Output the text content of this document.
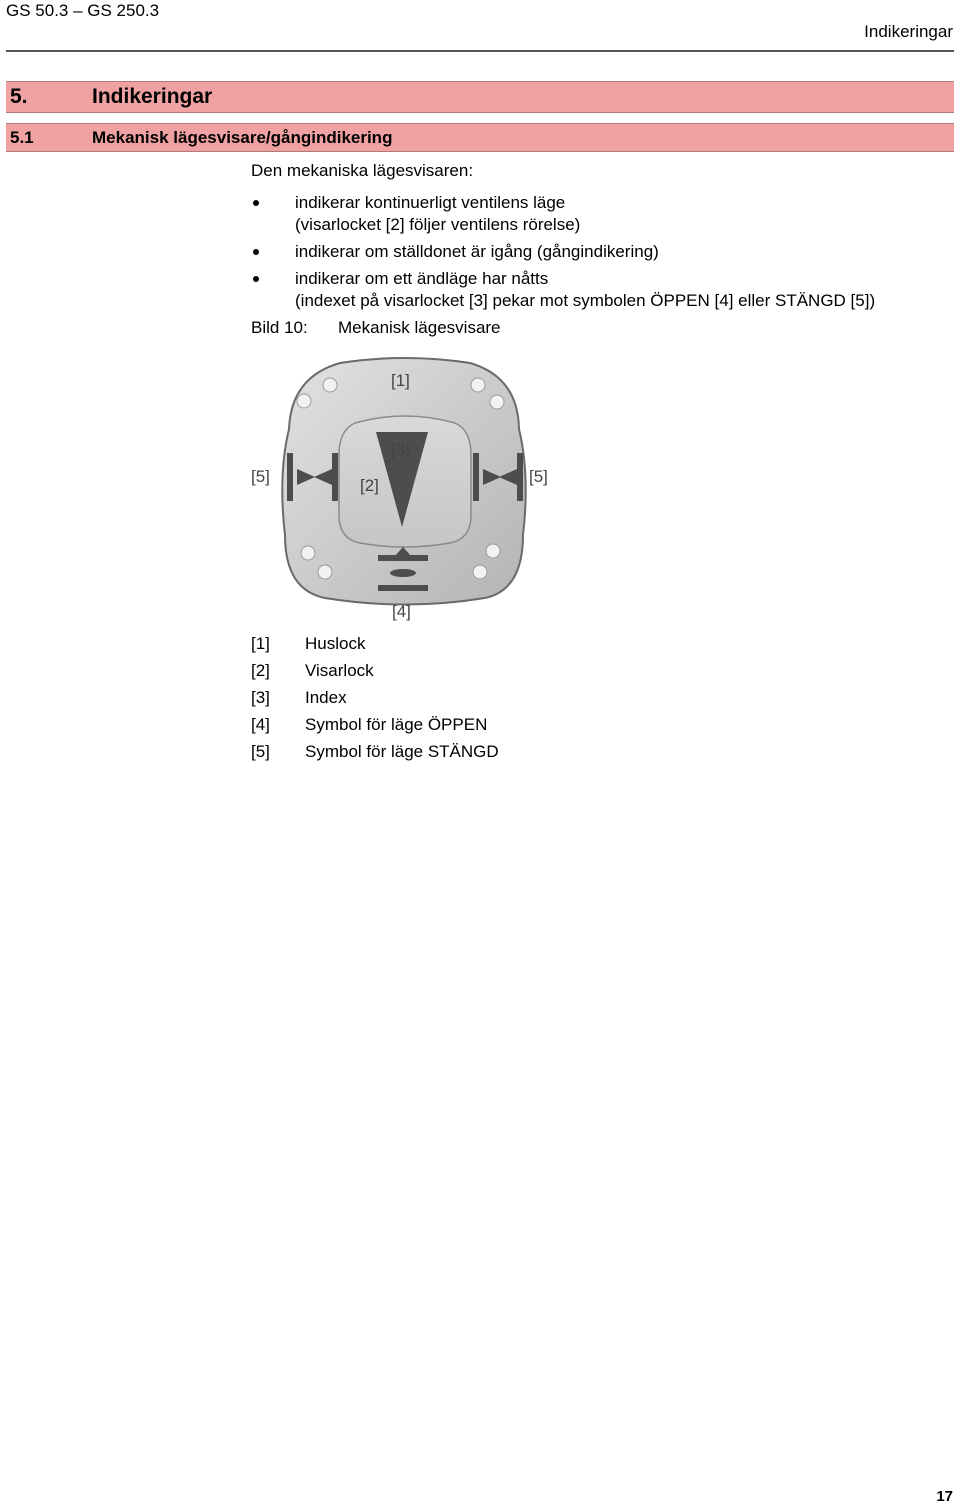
GS 50.3 – GS 250.3
Indikeringar
5.	Indikeringar
5.1	Mekanisk lägesvisare/gångindikering
Den mekaniska lägesvisaren:
indikerar kontinuerligt ventilens läge
(visarlocket [2] följer ventilens rörelse)
indikerar om ställdonet är igång (gångindikering)
indikerar om ett ändläge har nåtts
(indexet på visarlocket [3] pekar mot symbolen ÖPPEN [4] eller STÄNGD [5])
Bild 10:	Mekanisk lägesvisare
[1]
[3]
[2]
[5]	[5]
[4]
[1]	Huslock
[2]	Visarlock
[3]	Index
[4]	Symbol för läge ÖPPEN
[5]	Symbol för läge STÄNGD
17
